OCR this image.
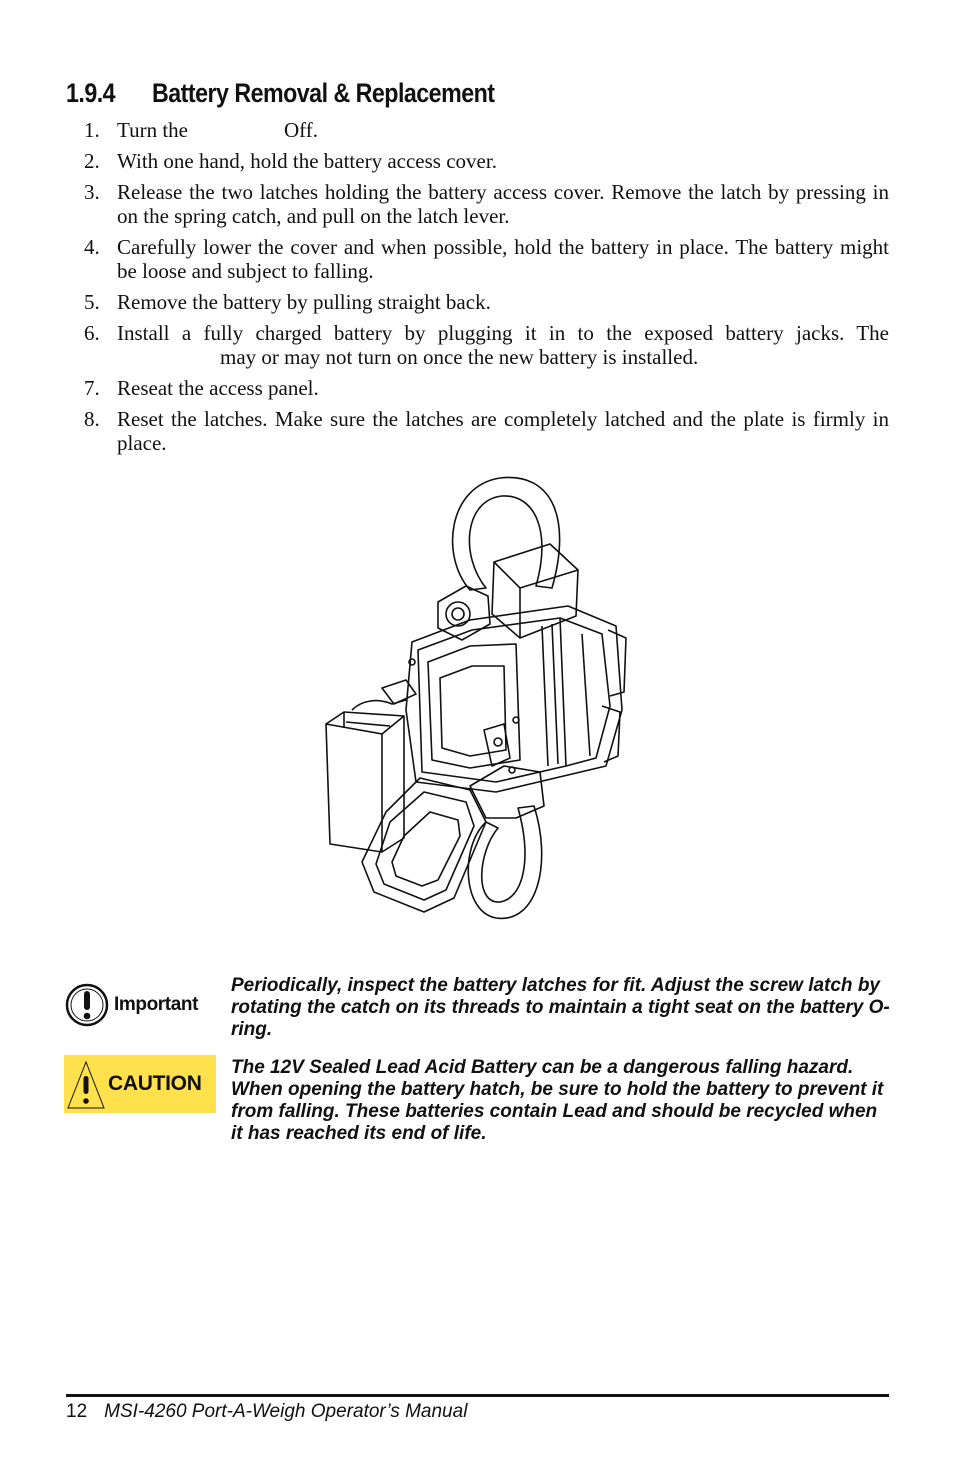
1.9.4 Battery Removal & Replacement
1. Turn the	Off.
2. With one hand, hold the battery access cover.
3. Release the two latches holding the battery access cover. Remove the latch by pressing in on the spring catch, and pull on the latch lever.
4. Carefully lower the cover and when possible, hold the battery in place. The battery might be loose and subject to falling.
5. Remove the battery by pulling straight back.
6. Install a fully charged battery by plugging it in to the exposed battery jacks. The
may or may not turn on once the new battery is installed.
7. Reseat the access panel.
8. Reset the latches. Make sure the latches are completely latched and the plate is firmly in place.
Important
Periodically, inspect the battery latches for fit. Adjust the screw latch by rotating the catch on its threads to maintain a tight seat on the battery O-ring.
CAUTION
The 12V Sealed Lead Acid Battery can be a dangerous falling hazard. When opening the battery hatch, be sure to hold the battery to prevent it from falling. These batteries contain Lead and should be recycled when it has reached its end of life.
12 MSI-4260 Port-A-Weigh Operator’s Manual
